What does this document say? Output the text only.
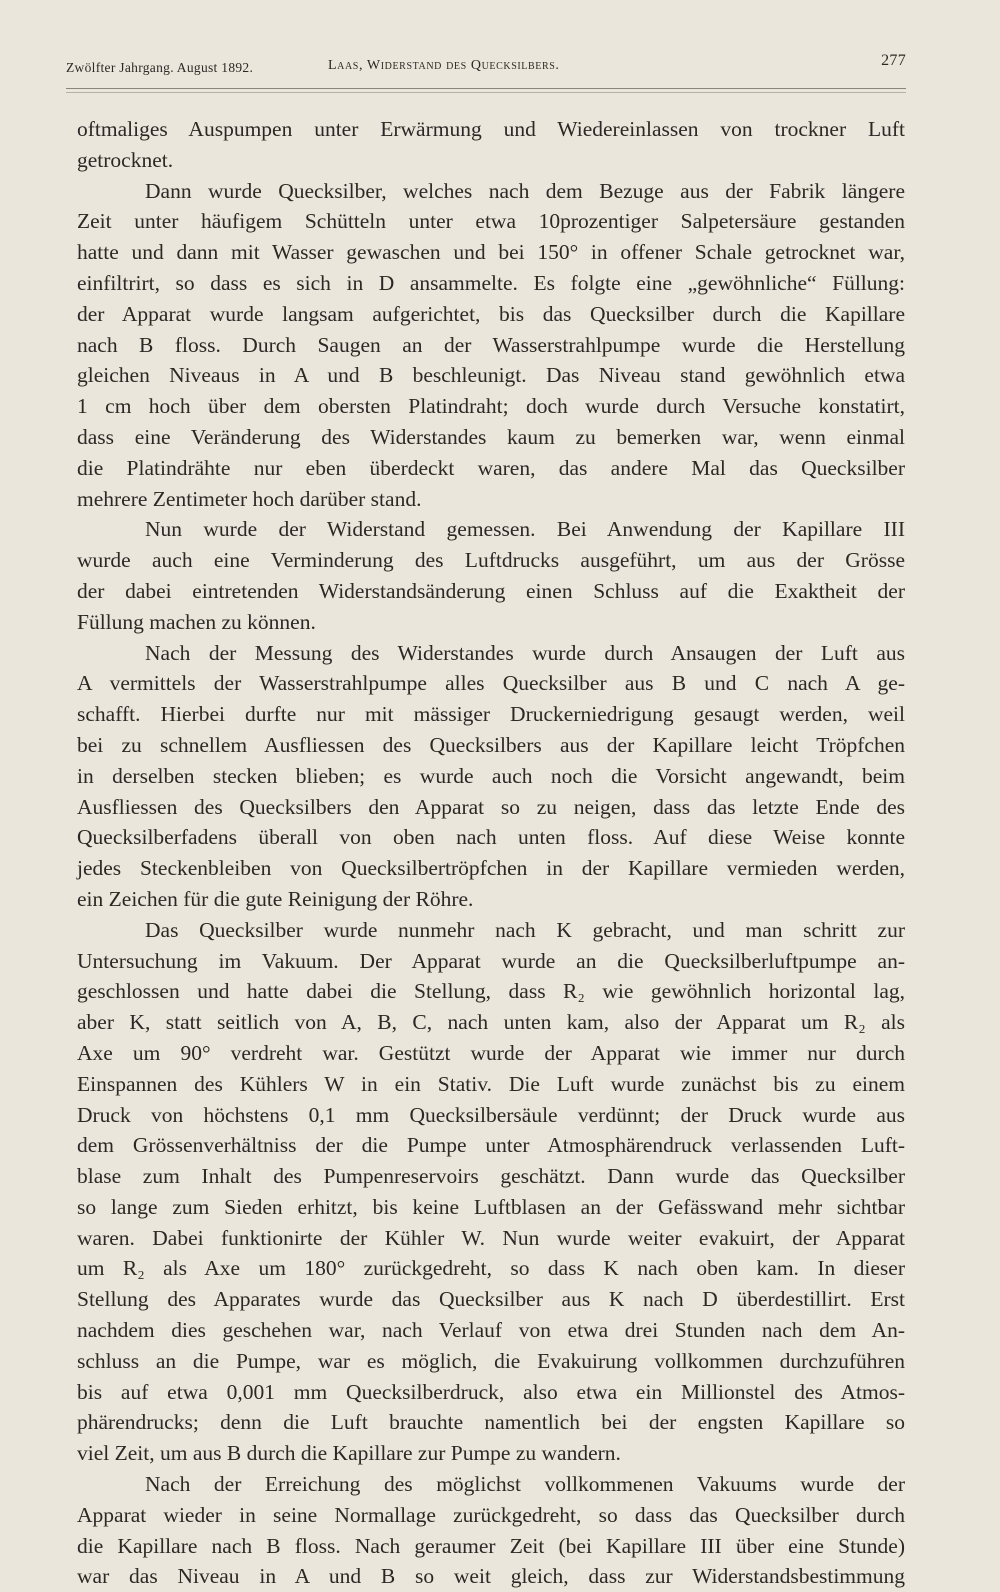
Zwölfter Jahrgang. August 1892.	Laas, Widerstand des Quecksilbers.	277
oftmaliges Auspumpen unter Erwärmung und Wiedereinlassen von trockner Luft
getrocknet.
Dann wurde Quecksilber, welches nach dem Bezuge aus der Fabrik längere
Zeit unter häufigem Schütteln unter etwa 10prozentiger Salpetersäure gestanden
hatte und dann mit Wasser gewaschen und bei 150° in offener Schale getrocknet war,
einfiltrirt, so dass es sich in D ansammelte. Es folgte eine „gewöhnliche“ Füllung:
der Apparat wurde langsam aufgerichtet, bis das Quecksilber durch die Kapillare
nach B floss. Durch Saugen an der Wasserstrahlpumpe wurde die Herstellung
gleichen Niveaus in A und B beschleunigt. Das Niveau stand gewöhnlich etwa
1 cm hoch über dem obersten Platindraht; doch wurde durch Versuche konstatirt,
dass eine Veränderung des Widerstandes kaum zu bemerken war, wenn einmal
die Platindrähte nur eben überdeckt waren, das andere Mal das Quecksilber
mehrere Zentimeter hoch darüber stand.
Nun wurde der Widerstand gemessen. Bei Anwendung der Kapillare III
wurde auch eine Verminderung des Luftdrucks ausgeführt, um aus der Grösse
der dabei eintretenden Widerstandsänderung einen Schluss auf die Exaktheit der
Füllung machen zu können.
Nach der Messung des Widerstandes wurde durch Ansaugen der Luft aus
A vermittels der Wasserstrahlpumpe alles Quecksilber aus B und C nach A ge-
schafft. Hierbei durfte nur mit mässiger Druckerniedrigung gesaugt werden, weil
bei zu schnellem Ausfliessen des Quecksilbers aus der Kapillare leicht Tröpfchen
in derselben stecken blieben; es wurde auch noch die Vorsicht angewandt, beim
Ausfliessen des Quecksilbers den Apparat so zu neigen, dass das letzte Ende des
Quecksilberfadens überall von oben nach unten floss. Auf diese Weise konnte
jedes Steckenbleiben von Quecksilbertröpfchen in der Kapillare vermieden werden,
ein Zeichen für die gute Reinigung der Röhre.
Das Quecksilber wurde nunmehr nach K gebracht, und man schritt zur
Untersuchung im Vakuum. Der Apparat wurde an die Quecksilberluftpumpe an-
geschlossen und hatte dabei die Stellung, dass R₂ wie gewöhnlich horizontal lag,
aber K, statt seitlich von A, B, C, nach unten kam, also der Apparat um R₂ als
Axe um 90° verdreht war. Gestützt wurde der Apparat wie immer nur durch
Einspannen des Kühlers W in ein Stativ. Die Luft wurde zunächst bis zu einem
Druck von höchstens 0,1 mm Quecksilbersäule verdünnt; der Druck wurde aus
dem Grössenverhältniss der die Pumpe unter Atmosphärendruck verlassenden Luft-
blase zum Inhalt des Pumpenreservoirs geschätzt. Dann wurde das Quecksilber
so lange zum Sieden erhitzt, bis keine Luftblasen an der Gefässwand mehr sichtbar
waren. Dabei funktionirte der Kühler W. Nun wurde weiter evakuirt, der Apparat
um R₂ als Axe um 180° zurückgedreht, so dass K nach oben kam. In dieser
Stellung des Apparates wurde das Quecksilber aus K nach D überdestillirt. Erst
nachdem dies geschehen war, nach Verlauf von etwa drei Stunden nach dem An-
schluss an die Pumpe, war es möglich, die Evakuirung vollkommen durchzuführen
bis auf etwa 0,001 mm Quecksilberdruck, also etwa ein Millionstel des Atmos-
phärendrucks; denn die Luft brauchte namentlich bei der engsten Kapillare so
viel Zeit, um aus B durch die Kapillare zur Pumpe zu wandern.
Nach der Erreichung des möglichst vollkommenen Vakuums wurde der
Apparat wieder in seine Normallage zurückgedreht, so dass das Quecksilber durch
die Kapillare nach B floss. Nach geraumer Zeit (bei Kapillare III über eine Stunde)
war das Niveau in A und B so weit gleich, dass zur Widerstandsbestimmung
